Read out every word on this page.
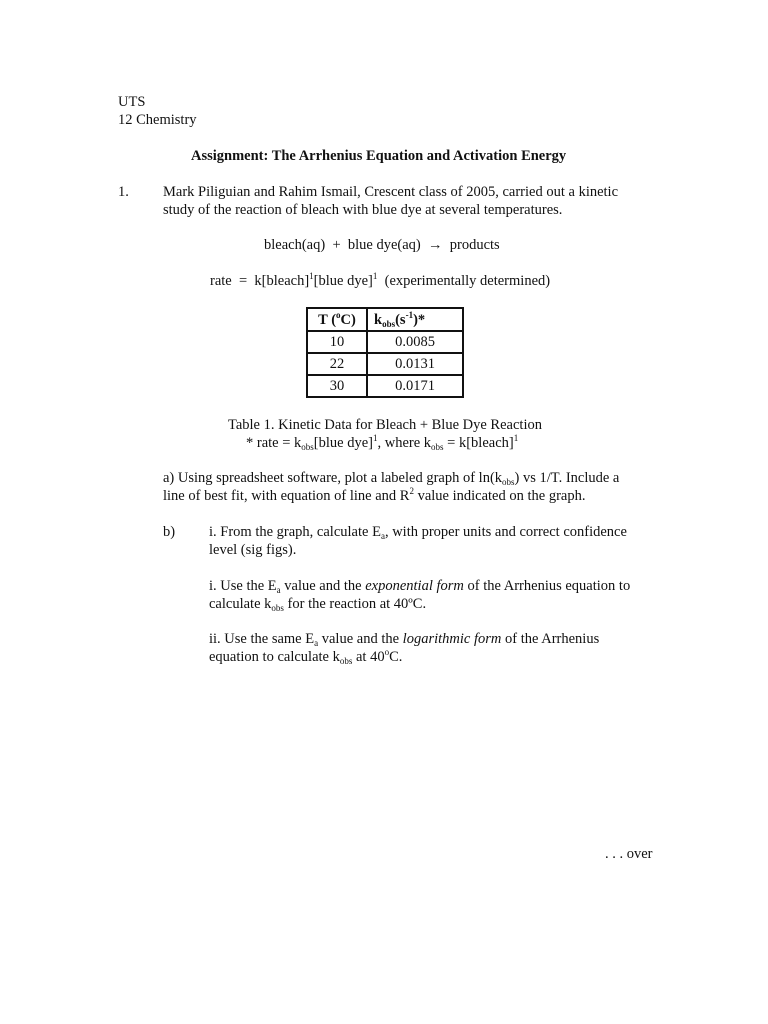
UTS
12 Chemistry
Assignment: The Arrhenius Equation and Activation Energy
1. Mark Piliguian and Rahim Ismail, Crescent class of 2005, carried out a kinetic
study of the reaction of bleach with blue dye at several temperatures.
bleach(aq) + blue dye(aq) → products
rate = k[bleach]$^1$[blue dye]$^1$ (experimentally determined)
T ($^o$C)	$k_{obs}(s^{-1})*$
10	0.0085
22	0.0131
30	0.0171
Table 1. Kinetic Data for Bleach + Blue Dye Reaction
* rate = $k_{obs}[blue$ dye]$^1$, where $k_{obs}$ = k[bleach]$^1$
a) Using spreadsheet software, plot a labeled graph of $\ln(k_{obs})$ vs 1/T. Include a
line of best fit, with equation of line and $R^2$ value indicated on the graph.
b) i. From the graph, calculate $E_a$, with proper units and correct confidence
level (sig figs).
i. Use the $E_a$ value and the exponential form of the Arrhenius equation to
calculate $k_{obs}$ for the reaction at 40ºC.
ii. Use the same $E_a$ value and the logarithmic form of the Arrhenius
equation to calculate $k_{obs}$ at 40$^o$C.
. . . over
